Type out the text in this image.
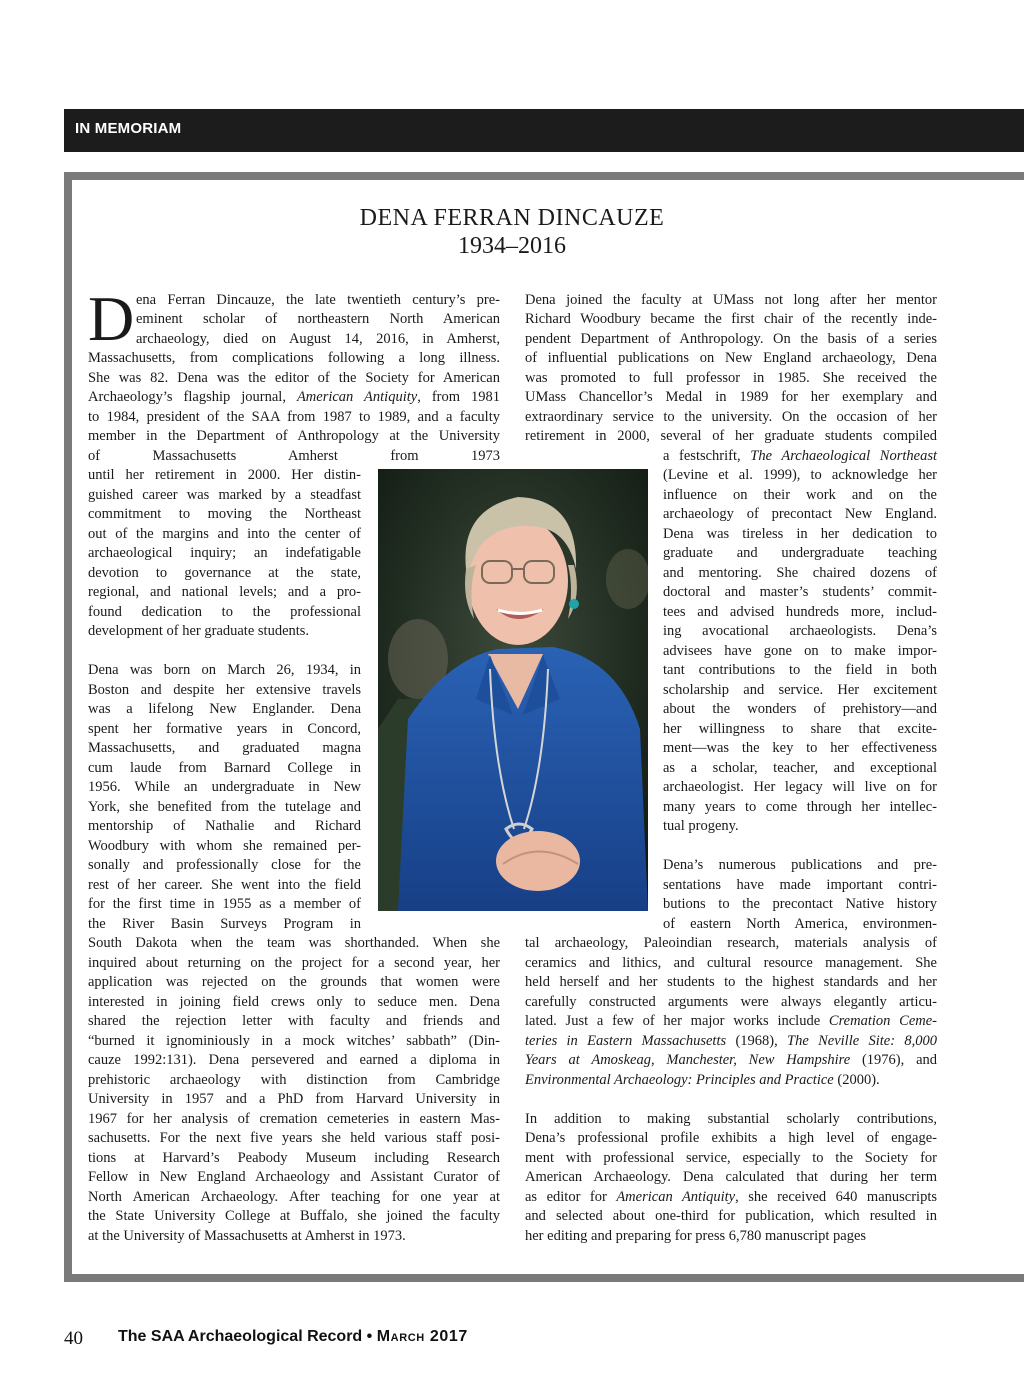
IN MEMORIAM
DENA FERRAN DINCAUZE
1934–2016
D ena Ferran Dincauze, the late twentieth century’s pre-
eminent scholar of northeastern North American
archaeology, died on August 14, 2016, in Amherst,
Massachusetts, from complications following a long illness.
She was 82. Dena was the editor of the Society for American
Archaeology’s flagship journal, American Antiquity, from 1981
to 1984, president of the SAA from 1987 to 1989, and a faculty
member in the Department of Anthropology at the University
of Massachusetts Amherst from 1973
until her retirement in 2000. Her distin-
guished career was marked by a steadfast
commitment to moving the Northeast
out of the margins and into the center of
archaeological inquiry; an indefatigable
devotion to governance at the state,
regional, and national levels; and a pro-
found dedication to the professional
development of her graduate students.
Dena was born on March 26, 1934, in
Boston and despite her extensive travels
was a lifelong New Englander. Dena
spent her formative years in Concord,
Massachusetts, and graduated magna
cum laude from Barnard College in
1956. While an undergraduate in New
York, she benefited from the tutelage and
mentorship of Nathalie and Richard
Woodbury with whom she remained per-
sonally and professionally close for the
rest of her career. She went into the field
for the first time in 1955 as a member of
the River Basin Surveys Program in
South Dakota when the team was shorthanded. When she
inquired about returning on the project for a second year, her
application was rejected on the grounds that women were
interested in joining field crews only to seduce men. Dena
shared the rejection letter with faculty and friends and
“burned it ignominiously in a mock witches’ sabbath” (Din-
cauze 1992:131). Dena persevered and earned a diploma in
prehistoric archaeology with distinction from Cambridge
University in 1957 and a PhD from Harvard University in
1967 for her analysis of cremation cemeteries in eastern Mas-
sachusetts. For the next five years she held various staff posi-
tions at Harvard’s Peabody Museum including Research
Fellow in New England Archaeology and Assistant Curator of
North American Archaeology. After teaching for one year at
the State University College at Buffalo, she joined the faculty
at the University of Massachusetts at Amherst in 1973.
Dena joined the faculty at UMass not long after her mentor
Richard Woodbury became the first chair of the recently inde-
pendent Department of Anthropology. On the basis of a series
of influential publications on New England archaeology, Dena
was promoted to full professor in 1985. She received the
UMass Chancellor’s Medal in 1989 for her exemplary and
extraordinary service to the university. On the occasion of her
retirement in 2000, several of her graduate students compiled
a festschrift, The Archaeological Northeast
(Levine et al. 1999), to acknowledge her
influence on their work and on the
archaeology of precontact New England.
Dena was tireless in her dedication to
graduate and undergraduate teaching
and mentoring. She chaired dozens of
doctoral and master’s students’ commit-
tees and advised hundreds more, includ-
ing avocational archaeologists. Dena’s
advisees have gone on to make impor-
tant contributions to the field in both
scholarship and service. Her excitement
about the wonders of prehistory—and
her willingness to share that excite-
ment—was the key to her effectiveness
as a scholar, teacher, and exceptional
archaeologist. Her legacy will live on for
many years to come through her intellec-
tual progeny.
Dena’s numerous publications and pre-
sentations have made important contri-
butions to the precontact Native history
of eastern North America, environmen-
tal archaeology, Paleoindian research, materials analysis of
ceramics and lithics, and cultural resource management. She
held herself and her students to the highest standards and her
carefully constructed arguments were always elegantly articu-
lated. Just a few of her major works include Cremation Ceme-
teries in Eastern Massachusetts (1968), The Neville Site: 8,000
Years at Amoskeag, Manchester, New Hampshire (1976), and
Environmental Archaeology: Principles and Practice (2000).
In addition to making substantial scholarly contributions,
Dena’s professional profile exhibits a high level of engage-
ment with professional service, especially to the Society for
American Archaeology. Dena calculated that during her term
as editor for American Antiquity, she received 640 manuscripts
and selected about one-third for publication, which resulted in
her editing and preparing for press 6,780 manuscript pages
40 The SAA Archaeological Record • March 2017
